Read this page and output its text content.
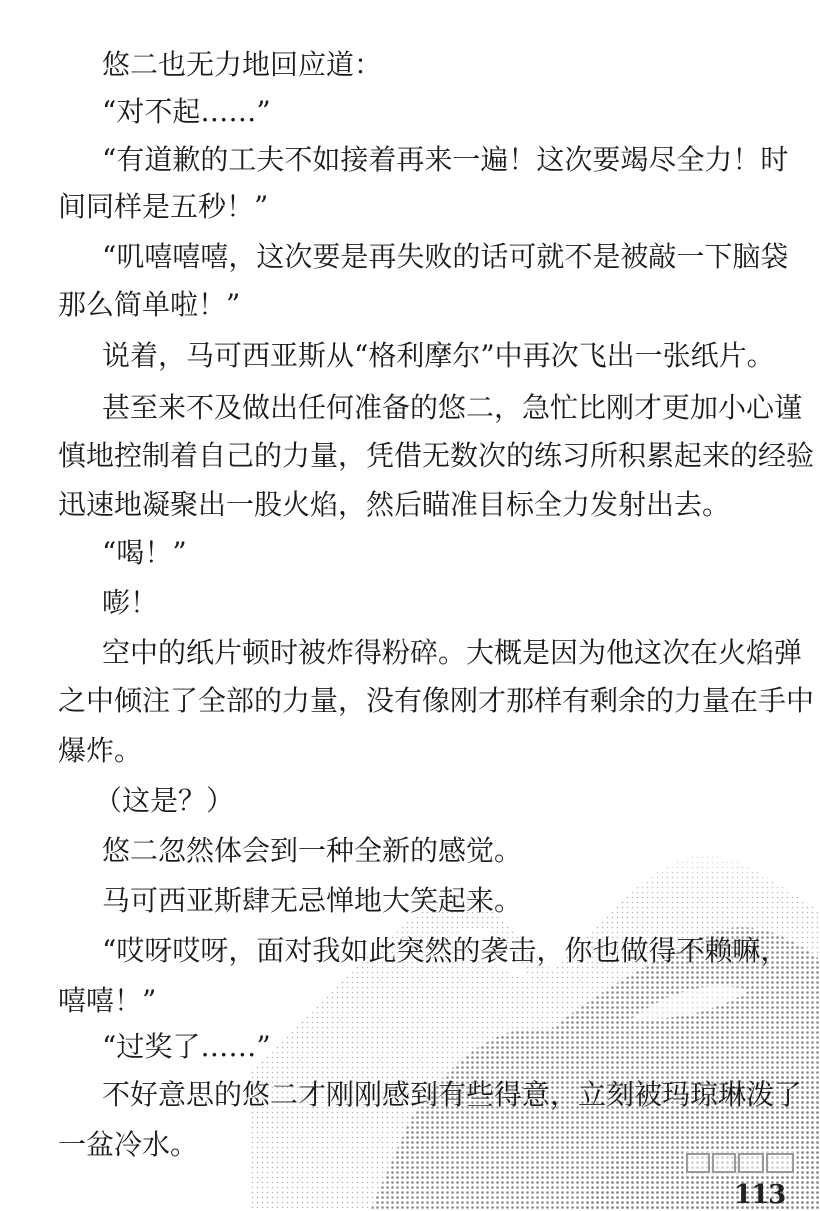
悠二也无力地回应道：
“对不起……”
“有道歉的工夫不如接着再来一遍！这次要竭尽全力！时
间同样是五秒！”
“叽嘻嘻嘻，这次要是再失败的话可就不是被敲一下脑袋
那么简单啦！”
说着，马可西亚斯从“格利摩尔”中再次飞出一张纸片。
甚至来不及做出任何准备的悠二，急忙比刚才更加小心谨
慎地控制着自己的力量，凭借无数次的练习所积累起来的经验
迅速地凝聚出一股火焰，然后瞄准目标全力发射出去。
“喝！”
嘭！
空中的纸片顿时被炸得粉碎。大概是因为他这次在火焰弹
之中倾注了全部的力量，没有像刚才那样有剩余的力量在手中
爆炸。
（这是？）
悠二忽然体会到一种全新的感觉。
马可西亚斯肆无忌惮地大笑起来。
“哎呀哎呀，面对我如此突然的袭击，你也做得不赖嘛，
嘻嘻！”
“过奖了……”
不好意思的悠二才刚刚感到有些得意，立刻被玛琼琳泼了
一盆冷水。
113
